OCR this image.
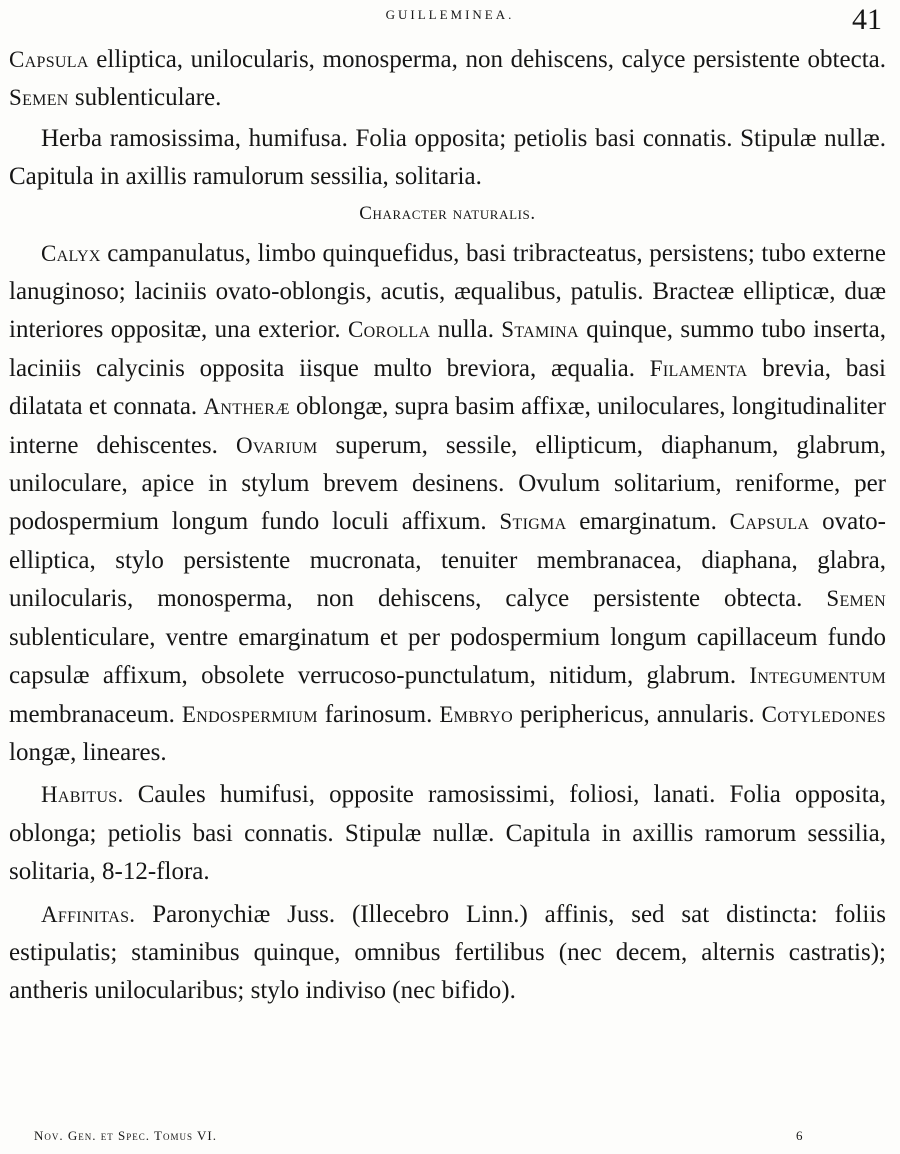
GUILLEMINEA.	41

Capsula elliptica, unilocularis, monosperma, non dehiscens, calyce persistente obtecta. Semen sublenticulare.

Herba ramosissima, humifusa. Folia opposita; petiolis basi connatis. Stipulæ nullæ. Capitula in axillis ramulorum sessilia, solitaria.

Character naturalis.

Calyx campanulatus, limbo quinquefidus, basi tribracteatus, persistens; tubo externe lanuginoso; laciniis ovato-oblongis, acutis, æqualibus, patulis. Bracteæ ellipticæ, duæ interiores oppositæ, una exterior. Corolla nulla. Stamina quinque, summo tubo inserta, laciniis calycinis opposita iisque multo breviora, æqualia. Filamenta brevia, basi dilatata et connata. Antheræ oblongæ, supra basim affixæ, uniloculares, longitudinaliter interne dehiscentes. Ovarium superum, sessile, ellipticum, diaphanum, glabrum, uniloculare, apice in stylum brevem desinens. Ovulum solitarium, reniforme, per podospermium longum fundo loculi affixum. Stigma emarginatum. Capsula ovato-elliptica, stylo persistente mucronata, tenuiter membranacea, diaphana, glabra, unilocularis, monosperma, non dehiscens, calyce persistente obtecta. Semen sublenticulare, ventre emarginatum et per podospermium longum capillaceum fundo capsulæ affixum, obsolete verrucoso-punctulatum, nitidum, glabrum. Integumentum membranaceum. Endospermium farinosum. Embryo periphericus, annularis. Cotyledones longæ, lineares.

Habitus. Caules humifusi, opposite ramosissimi, foliosi, lanati. Folia opposita, oblonga; petiolis basi connatis. Stipulæ nullæ. Capitula in axillis ramorum sessilia, solitaria, 8-12-flora.

Affinitas. Paronychiæ Juss. (Illecebro Linn.) affinis, sed sat distincta: foliis estipulatis; staminibus quinque, omnibus fertilibus (nec decem, alternis castratis); antheris unilocularibus; stylo indiviso (nec bifido).

Nov. Gen. et Spec. Tomus VI.	6
